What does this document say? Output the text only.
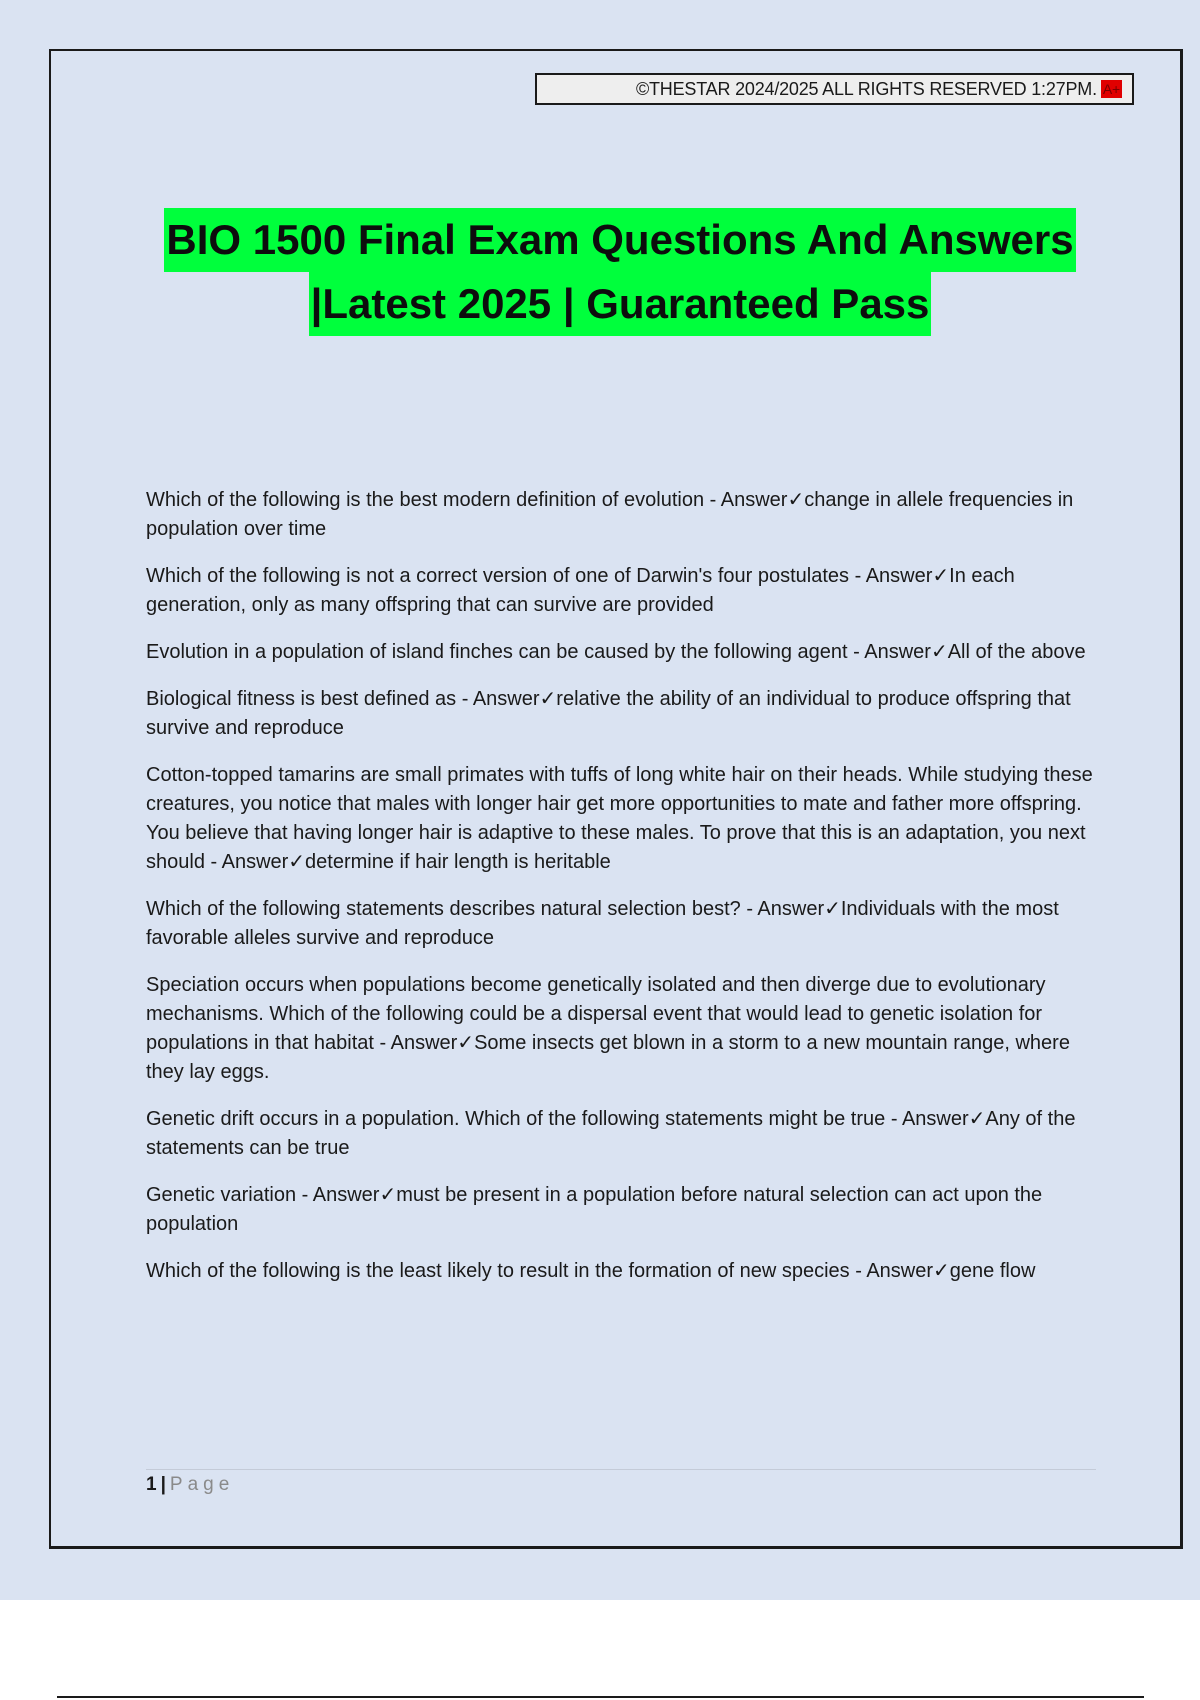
©THESTAR 2024/2025 ALL RIGHTS RESERVED 1:27PM. A+
BIO 1500 Final Exam Questions And Answers
|Latest 2025 | Guaranteed Pass

Which of the following is the best modern definition of evolution - Answer✓change in allele frequencies in population over time

Which of the following is not a correct version of one of Darwin's four postulates - Answer✓In each generation, only as many offspring that can survive are provided

Evolution in a population of island finches can be caused by the following agent - Answer✓All of the above

Biological fitness is best defined as - Answer✓relative the ability of an individual to produce offspring that survive and reproduce

Cotton-topped tamarins are small primates with tuffs of long white hair on their heads. While studying these creatures, you notice that males with longer hair get more opportunities to mate and father more offspring. You believe that having longer hair is adaptive to these males. To prove that this is an adaptation, you next should - Answer✓determine if hair length is heritable

Which of the following statements describes natural selection best? - Answer✓Individuals with the most favorable alleles survive and reproduce

Speciation occurs when populations become genetically isolated and then diverge due to evolutionary mechanisms. Which of the following could be a dispersal event that would lead to genetic isolation for populations in that habitat - Answer✓Some insects get blown in a storm to a new mountain range, where they lay eggs.

Genetic drift occurs in a population. Which of the following statements might be true - Answer✓Any of the statements can be true

Genetic variation - Answer✓must be present in a population before natural selection can act upon the population

Which of the following is the least likely to result in the formation of new species - Answer✓gene flow

1 | Page
